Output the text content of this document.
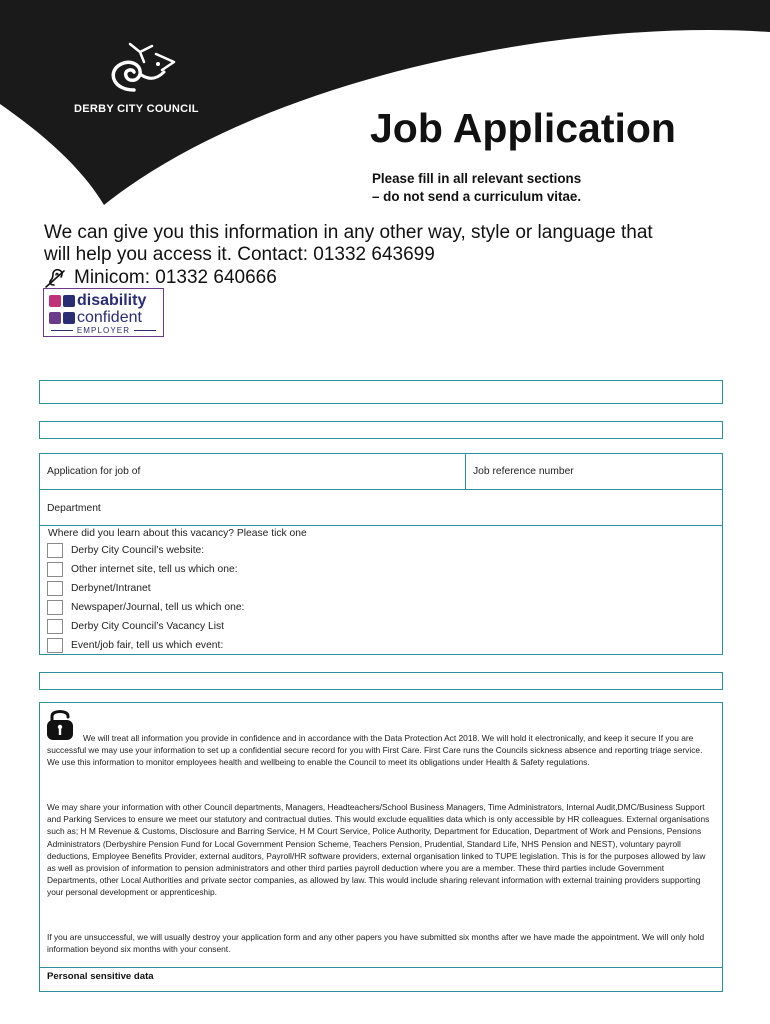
DERBY CITY COUNCIL	Job Application
Please fill in all relevant sections
– do not send a curriculum vitae.

We can give you this information in any other way, style or language that will help you access it. Contact: 01332 643699

Minicom: 01332 640666
disability
confident
EMPLOYER
Application for job of	Job reference number
Department
Where did you learn about this vacancy? Please tick one
Derby City Council’s website:
Other internet site, tell us which one:
Derbynet/Intranet
Newspaper/Journal, tell us which one:
Derby City Council’s Vacancy List
Event/job fair, tell us which event:

We will treat all information you provide in confidence and in accordance with the Data Protection Act 2018. We will hold it electronically, and keep it secure If you are successful we may use your information to set up a confidential secure record for you with First Care. First Care runs the Councils sickness absence and reporting triage service. We use this information to monitor employees health and wellbeing to enable the Council to meet its obligations under Health & Safety regulations.

We may share your information with other Council departments, Managers, Headteachers/School Business Managers, Time Administrators, Internal Audit,DMC/Business Support and Parking Services to ensure we meet our statutory and contractual duties. This would exclude equalities data which is only accessible by HR colleagues. External organisations such as; H M Revenue & Customs, Disclosure and Barring Service, H M Court Service, Police Authority, Department for Education, Department of Work and Pensions, Pensions Administrators (Derbyshire Pension Fund for Local Government Pension Scheme, Teachers Pension, Prudential, Standard Life, NHS Pension and NEST), voluntary payroll deductions, Employee Benefits Provider, external auditors, Payroll/HR software providers, external organisation linked to TUPE legislation. This is for the purposes allowed by law as well as provision of information to pension administrators and other third parties payroll deduction where you are a member. These third parties include Government Departments, other Local Authorities and private sector companies, as allowed by law. This would include sharing relevant information with external training providers supporting your personal development or apprenticeship.

If you are unsuccessful, we will usually destroy your application form and any other papers you have submitted six months after we have made the appointment. We will only hold information beyond six months with your consent.

Personal sensitive data
